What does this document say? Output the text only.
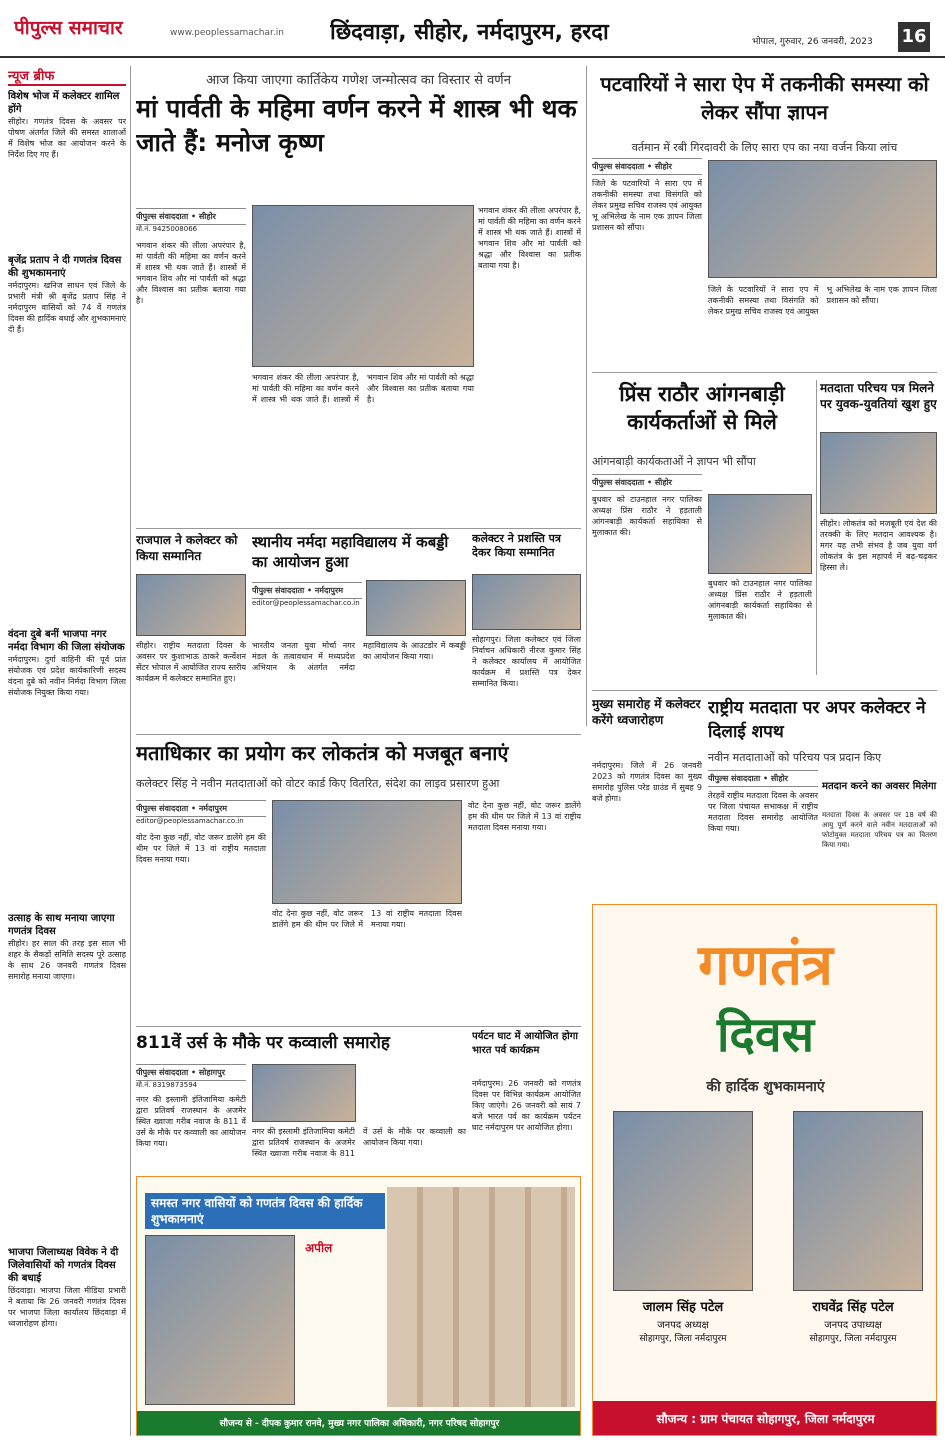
पीपुल्स समाचार	www.peoplessamachar.in छिंदवाड़ा, सीहोर, नर्मदापुरम, हरदा	भोपाल, गुरुवार, 26 जनवरी, 2023 16
न्यूज ब्रीफ
विशेष भोज में कलेक्टर शामिल होंगे
सीहोर। गणतंत्र दिवस के अवसर पर पोषण अंतर्गत जिले की समस्त शालाओं में विशेष भोज का आयोजन करने के निर्देश दिए गए हैं।
बृजेंद्र प्रताप ने दी गणतंत्र दिवस की शुभकामनाएं
नर्मदापुरम। खनिज साधन एवं जिले के प्रभारी मंत्री श्री बृजेंद्र प्रताप सिंह ने नर्मदापुरम वासियों को 74 वें गणतंत्र दिवस की हार्दिक बधाई और शुभकामनाएं दी हैं।
वंदना दुबे बनीं भाजपा नगर नर्मदा विभाग की जिला संयोजक
नर्मदापुरम। दुर्गा वाहिनी की पूर्व प्रांत संयोजक एवं प्रदेश कार्यकारिणी सदस्य वंदना दुबे को नवीन निर्मदा विभाग जिला संयोजक नियुक्त किया गया।
उत्साह के साथ मनाया जाएगा गणतंत्र दिवस
सीहोर। हर साल की तरह इस साल भी शहर के सैकड़ों समिति सदस्य पूरे उत्साह के साथ 26 जनवरी गणतंत्र दिवस समारोह मनाया जाएगा।
भाजपा जिलाध्यक्ष विवेक ने दी जिलेवासियों को गणतंत्र दिवस की बधाई
छिंदवाड़ा। भाजपा जिला मीडिया प्रभारी ने बताया कि 26 जनवरी गणतंत्र दिवस पर भाजपा जिला कार्यालय छिंदवाड़ा में ध्वजारोहण होगा।
आज किया जाएगा कार्तिकेय गणेश जन्मोत्सव का विस्तार से वर्णन
मां पार्वती के महिमा वर्णन करने में शास्त्र भी थक जाते हैं: मनोज कृष्ण
पीपुल्स संवाददाता • सीहोर
मो.नं. 9425008066
भगवान शंकर की लीला अपरंपार है, मां पार्वती की महिमा का वर्णन करने में शास्त्र भी थक जाते हैं। शास्त्रों में भगवान शिव और मां पार्वती को श्रद्धा और विश्वास का प्रतीक बताया गया है।
भगवान शंकर की लीला अपरंपार है, मां पार्वती की महिमा का वर्णन करने में शास्त्र भी थक जाते हैं। शास्त्रों में भगवान शिव और मां पार्वती को श्रद्धा और विश्वास का प्रतीक बताया गया है।
भगवान शंकर की लीला अपरंपार है, मां पार्वती की महिमा का वर्णन करने में शास्त्र भी थक जाते हैं। शास्त्रों में भगवान शिव और मां पार्वती को श्रद्धा और विश्वास का प्रतीक बताया गया है।
पटवारियों ने सारा ऐप में तकनीकी समस्या को लेकर सौंपा ज्ञापन
वर्तमान में रबी गिरदावरी के लिए सारा एप का नया वर्जन किया लांच
पीपुल्स संवाददाता • सीहोर
जिले के पटवारियों ने सारा एप में तकनीकी समस्या तथा विसंगति को लेकर प्रमुख सचिव राजस्व एवं आयुक्त भू अभिलेख के नाम एक ज्ञापन जिला प्रशासन को सौंपा।
जिले के पटवारियों ने सारा एप में तकनीकी समस्या तथा विसंगति को लेकर प्रमुख सचिव राजस्व एवं आयुक्त भू अभिलेख के नाम एक ज्ञापन जिला प्रशासन को सौंपा।
प्रिंस राठौर आंगनबाड़ी कार्यकर्ताओं से मिले
आंगनबाड़ी कार्यकताओं ने ज्ञापन भी सौंपा
पीपुल्स संवाददाता • सीहोर
बुधवार को टाउनहाल नगर पालिका अध्यक्ष प्रिंस राठौर ने हड़ताली आंगनबाड़ी कार्यकर्ता सहायिका से मुलाकात की।
बुधवार को टाउनहाल नगर पालिका अध्यक्ष प्रिंस राठौर ने हड़ताली आंगनबाड़ी कार्यकर्ता सहायिका से मुलाकात की।
मतदाता परिचय पत्र मिलने पर युवक-युवतियां खुश हुए
सीहोर। लोकतंत्र को मजबूती एवं देश की तरक्की के लिए मतदान आवश्यक है। मगर यह तभी संभव है जब युवा वर्ग लोकतंत्र के इस महापर्व में बढ़-चढ़कर हिस्सा ले।
राजपाल ने कलेक्टर को किया सम्मानित
सीहोर। राष्ट्रीय मतदाता दिवस के अवसर पर कुशाभाऊ ठाकरे कन्वेंशन सेंटर भोपाल में आयोजित राज्य स्तरीय कार्यक्रम में कलेक्टर सम्मानित हुए।
स्थानीय नर्मदा महाविद्यालय में कबड्डी का आयोजन हुआ
पीपुल्स संवाददाता • नर्मदापुरम
editor@peoplessamachar.co.in
भारतीय जनता युवा मोर्चा नगर मंडल के तत्वावधान में मध्यप्रदेश अभियान के अंतर्गत नर्मदा महाविद्यालय के आउटडोर में कबड्डी का आयोजन किया गया।
कलेक्टर ने प्रशस्ति पत्र देकर किया सम्मानित
सोहागपुर। जिला कलेक्टर एवं जिला निर्वाचन अधिकारी नीरज कुमार सिंह ने कलेक्टर कार्यालय में आयोजित कार्यक्रम में प्रशस्ति पत्र देकर सम्मानित किया।
मुख्य समारोह में कलेक्टर करेंगे ध्वजारोहण
नर्मदापुरम। जिले में 26 जनवरी 2023 को गणतंत्र दिवस का मुख्य समारोह पुलिस परेड ग्राउंड में सुबह 9 बजे होगा।
राष्ट्रीय मतदाता पर अपर कलेक्टर ने दिलाई शपथ
नवीन मतदाताओं को परिचय पत्र प्रदान किए
पीपुल्स संवाददाता • सीहोर
तेरहवें राष्ट्रीय मतदाता दिवस के अवसर पर जिला पंचायत सभाकक्ष में राष्ट्रीय मतदाता दिवस समारोह आयोजित किया गया।
मतदान करने का अवसर मिलेगा
मतदाता दिवस के अवसर पर 18 वर्ष की आयु पूर्ण करने वाले नवीन मतदाताओं को फोटोयुक्त मतदाता परिचय पत्र का वितरण किया गया।
मताधिकार का प्रयोग कर लोकतंत्र को मजबूत बनाएं
कलेक्टर सिंह ने नवीन मतदाताओं को वोटर कार्ड किए वितरित, संदेश का लाइव प्रसारण हुआ
पीपुल्स संवाददाता • नर्मदापुरम
editor@peoplessamachar.co.in
वोट देना कुछ नहीं, वोट जरूर डालेंगे हम की थीम पर जिले में 13 वां राष्ट्रीय मतदाता दिवस मनाया गया।
वोट देना कुछ नहीं, वोट जरूर डालेंगे हम की थीम पर जिले में 13 वां राष्ट्रीय मतदाता दिवस मनाया गया।
वोट देना कुछ नहीं, वोट जरूर डालेंगे हम की थीम पर जिले में 13 वां राष्ट्रीय मतदाता दिवस मनाया गया।
811वें उर्स के मौके पर कव्वाली समारोह
पीपुल्स संवाददाता • सोहागपुर
मो.नं. 8319873594
नगर की इस्लामी इंतिजामिया कमेटी द्वारा प्रतिवर्ष राजस्थान के अजमेर स्थित ख्वाजा गरीब नवाज के 811 वें उर्स के मौके पर कव्वाली का आयोजन किया गया।
नगर की इस्लामी इंतिजामिया कमेटी द्वारा प्रतिवर्ष राजस्थान के अजमेर स्थित ख्वाजा गरीब नवाज के 811 वें उर्स के मौके पर कव्वाली का आयोजन किया गया।
पर्यटन घाट में आयोजित होगा भारत पर्व कार्यक्रम
नर्मदापुरम। 26 जनवरी को गणतंत्र दिवस पर विभिन्न कार्यक्रम आयोजित किए जाएंगे। 26 जनवरी को सायं 7 बजे भारत पर्व का कार्यक्रम पर्यटन घाट नर्मदापुरम पर आयोजित होगा।
समस्त नगर वासियों को गणतंत्र दिवस की हार्दिक शुभकामनाएं
अपील
सौजन्य से - दीपक कुमार रानवे, मुख्य नगर पालिका अधिकारी, नगर परिषद सोहागपुर
गणतंत्र
दिवस
की हार्दिक शुभकामनाएं
जालम सिंह पटेल
जनपद अध्यक्ष
सोहागपुर, जिला नर्मदापुरम
राघवेंद्र सिंह पटेल
जनपद उपाध्यक्ष
सोहागपुर, जिला नर्मदापुरम
सौजन्य : ग्राम पंचायत सोहागपुर, जिला नर्मदापुरम
